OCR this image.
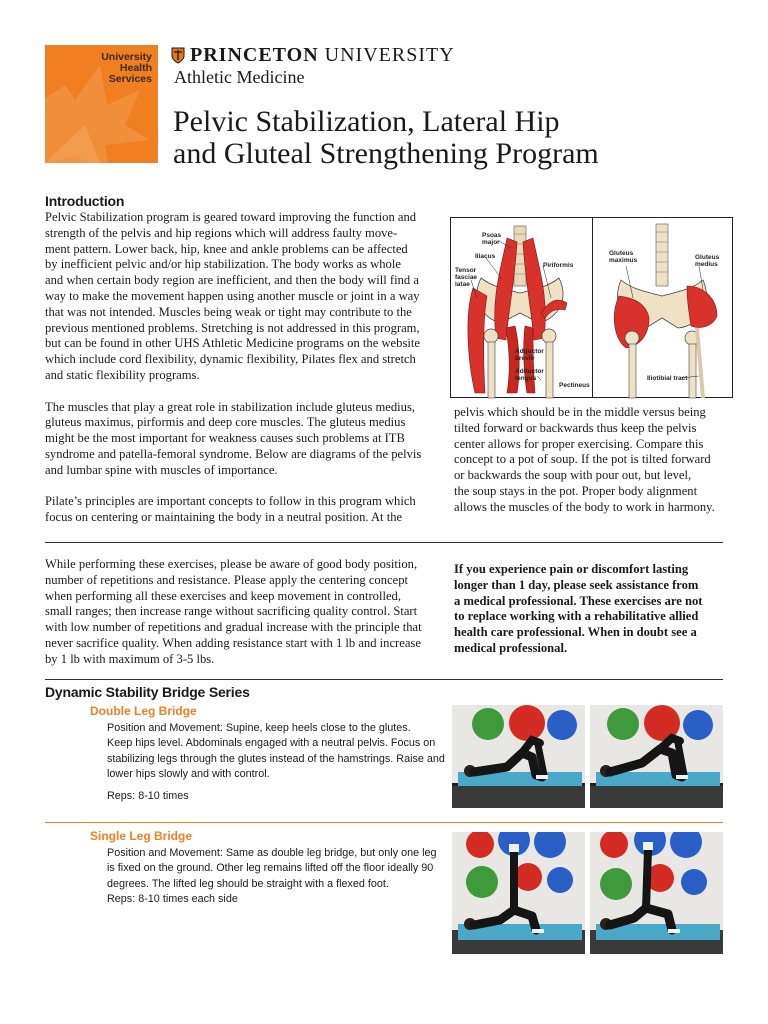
University
Health
Services
PRINCETON UNIVERSITY
Athletic Medicine
Pelvic Stabilization, Lateral Hip
and Gluteal Strengthening Program
Introduction

Pelvic Stabilization program is geared toward improving the function and
strength of the pelvis and hip regions which will address faulty move-
ment pattern. Lower back, hip, knee and ankle problems can be affected
by inefficient pelvic and/or hip stabilization. The body works as whole
and when certain body region are inefficient, and then the body will find a
way to make the movement happen using another muscle or joint in a way
that was not intended. Muscles being weak or tight may contribute to the
previous mentioned problems. Stretching is not addressed in this program,
but can be found in other UHS Athletic Medicine programs on the website
which include cord flexibility, dynamic flexibility, Pilates flex and stretch
and static flexibility programs.

The muscles that play a great role in stabilization include gluteus medius,
gluteus maximus, pirformis and deep core muscles. The gluteus medius
might be the most important for weakness causes such problems at ITB
syndrome and patella-femoral syndrome. Below are diagrams of the pelvis
and lumbar spine with muscles of importance.

Pilate’s principles are important concepts to follow in this program which
focus on centering or maintaining the body in a neutral position. At the

Psoas major
Iliacus
Tensor fasciae latae
Piriformis
Adductor brevis
Adductor longus
Pectineus
Gluteus maximus	Gluteus medius
Iliotibial tract
pelvis which should be in the middle versus being
tilted forward or backwards thus keep the pelvis
center allows for proper exercising. Compare this
concept to a pot of soup. If the pot is tilted forward
or backwards the soup with pour out, but level,
the soup stays in the pot. Proper body alignment
allows the muscles of the body to work in harmony.
While performing these exercises, please be aware of good body position,
number of repetitions and resistance. Please apply the centering concept
when performing all these exercises and keep movement in controlled,
small ranges; then increase range without sacrificing quality control. Start
with low number of repetitions and gradual increase with the principle that
never sacrifice quality. When adding resistance start with 1 lb and increase
by 1 lb with maximum of 3-5 lbs.
If you experience pain or discomfort lasting
longer than 1 day, please seek assistance from
a medical professional. These exercises are not
to replace working with a rehabilitative allied
health care professional. When in doubt see a
medical professional.
Dynamic Stability Bridge Series
Double Leg Bridge
Position and Movement: Supine, keep heels close to the glutes.
Keep hips level. Abdominals engaged with a neutral pelvis. Focus on
stabilizing legs through the glutes instead of the hamstrings. Raise and
lower hips slowly and with control.
Reps: 8-10 times
Single Leg Bridge
Position and Movement: Same as double leg bridge, but only one leg
is fixed on the ground. Other leg remains lifted off the floor ideally 90
degrees. The lifted leg should be straight with a flexed foot.
Reps: 8-10 times each side
